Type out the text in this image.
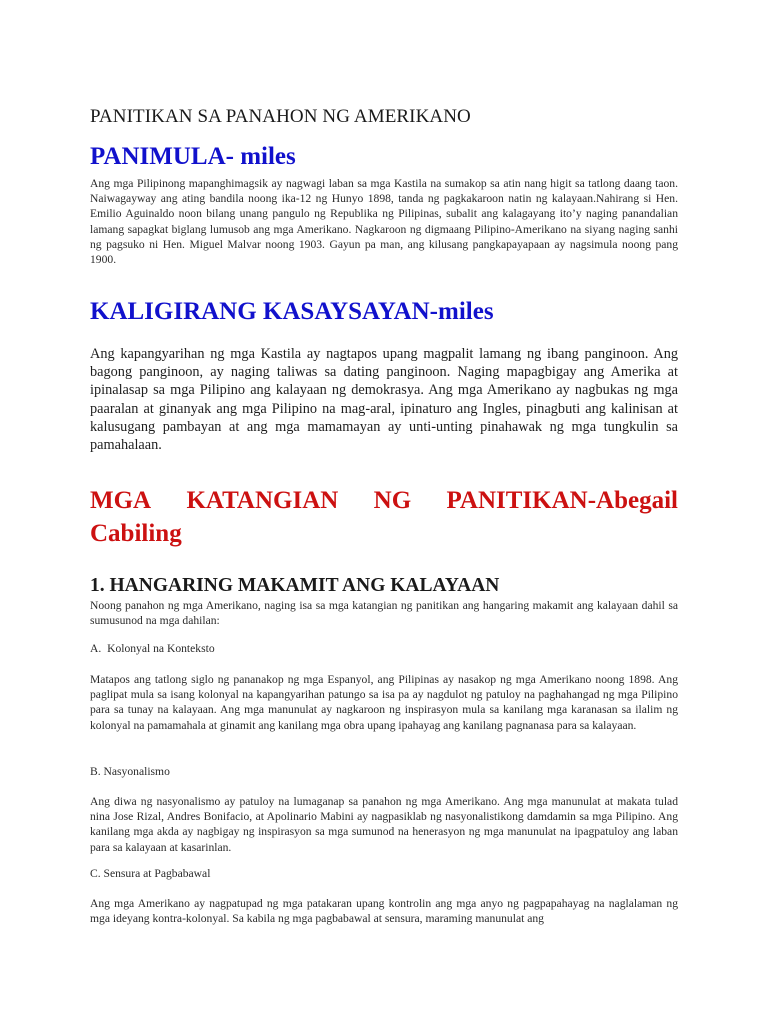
PANITIKAN SA PANAHON NG AMERIKANO
PANIMULA- miles
Ang mga Pilipinong mapanghimagsik ay nagwagi laban sa mga Kastila na sumakop sa atin nang higit sa tatlong daang taon. Naiwagayway ang ating bandila noong ika-12 ng Hunyo 1898, tanda ng pagkakaroon natin ng kalayaan.Nahirang si Hen. Emilio Aguinaldo noon bilang unang pangulo ng Republika ng Pilipinas, subalit ang kalagayang ito’y naging panandalian lamang sapagkat biglang lumusob ang mga Amerikano. Nagkaroon ng digmaang Pilipino-Amerikano na siyang naging sanhi ng pagsuko ni Hen. Miguel Malvar noong 1903. Gayun pa man, ang kilusang pangkapayapaan ay nagsimula noong pang 1900.
KALIGIRANG KASAYSAYAN-miles
Ang kapangyarihan ng mga Kastila ay nagtapos upang magpalit lamang ng ibang panginoon. Ang bagong panginoon, ay naging taliwas sa dating panginoon. Naging mapagbigay ang Amerika at ipinalasap sa mga Pilipino ang kalayaan ng demokrasya. Ang mga Amerikano ay nagbukas ng mga paaralan at ginanyak ang mga Pilipino na mag-aral, ipinaturo ang Ingles, pinagbuti ang kalinisan at kalusugang pambayan at ang mga mamamayan ay unti-unting pinahawak ng mga tungkulin sa pamahalaan.
MGA KATANGIAN NG PANITIKAN-Abegail
Cabiling
1. HANGARING MAKAMIT ANG KALAYAAN
Noong panahon ng mga Amerikano, naging isa sa mga katangian ng panitikan ang hangaring makamit ang kalayaan dahil sa sumusunod na mga dahilan:
A.  Kolonyal na Konteksto
Matapos ang tatlong siglo ng pananakop ng mga Espanyol, ang Pilipinas ay nasakop ng mga Amerikano noong 1898. Ang paglipat mula sa isang kolonyal na kapangyarihan patungo sa isa pa ay nagdulot ng patuloy na paghahangad ng mga Pilipino para sa tunay na kalayaan. Ang mga manunulat ay nagkaroon ng inspirasyon mula sa kanilang mga karanasan sa ilalim ng kolonyal na pamamahala at ginamit ang kanilang mga obra upang ipahayag ang kanilang pagnanasa para sa kalayaan.
B. Nasyonalismo
Ang diwa ng nasyonalismo ay patuloy na lumaganap sa panahon ng mga Amerikano. Ang mga manunulat at makata tulad nina Jose Rizal, Andres Bonifacio, at Apolinario Mabini ay nagpasiklab ng nasyonalistikong damdamin sa mga Pilipino. Ang kanilang mga akda ay nagbigay ng inspirasyon sa mga sumunod na henerasyon ng mga manunulat na ipagpatuloy ang laban para sa kalayaan at kasarinlan.
C. Sensura at Pagbabawal
Ang mga Amerikano ay nagpatupad ng mga patakaran upang kontrolin ang mga anyo ng pagpapahayag na naglalaman ng mga ideyang kontra-kolonyal. Sa kabila ng mga pagbabawal at sensura, maraming manunulat ang
